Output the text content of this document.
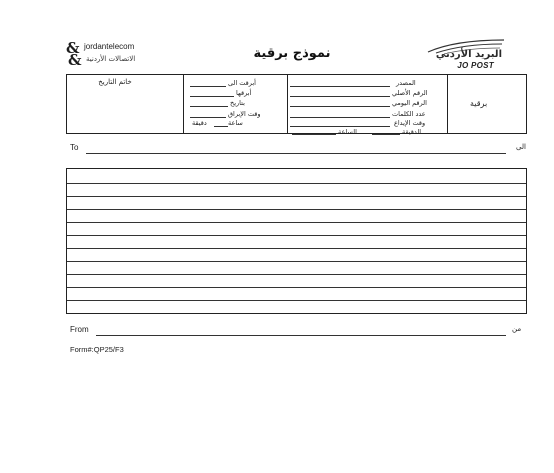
&
&
jordantelecom
الاتصالات الأردنية	نموذج برقية	البريد الأردني
JO POST
خاتم التاريخ	أبرقت الى
أبرقها
بتاريخ
وقت الإبراق
دقيقة	ساعة
المصدر
الرقم الأصلي
الرقم اليومي
عدد الكلمات
وقت الإيداع
الدقيقة
الساعة
برقية
To	الى
From	من
Form#:QP25/F3
